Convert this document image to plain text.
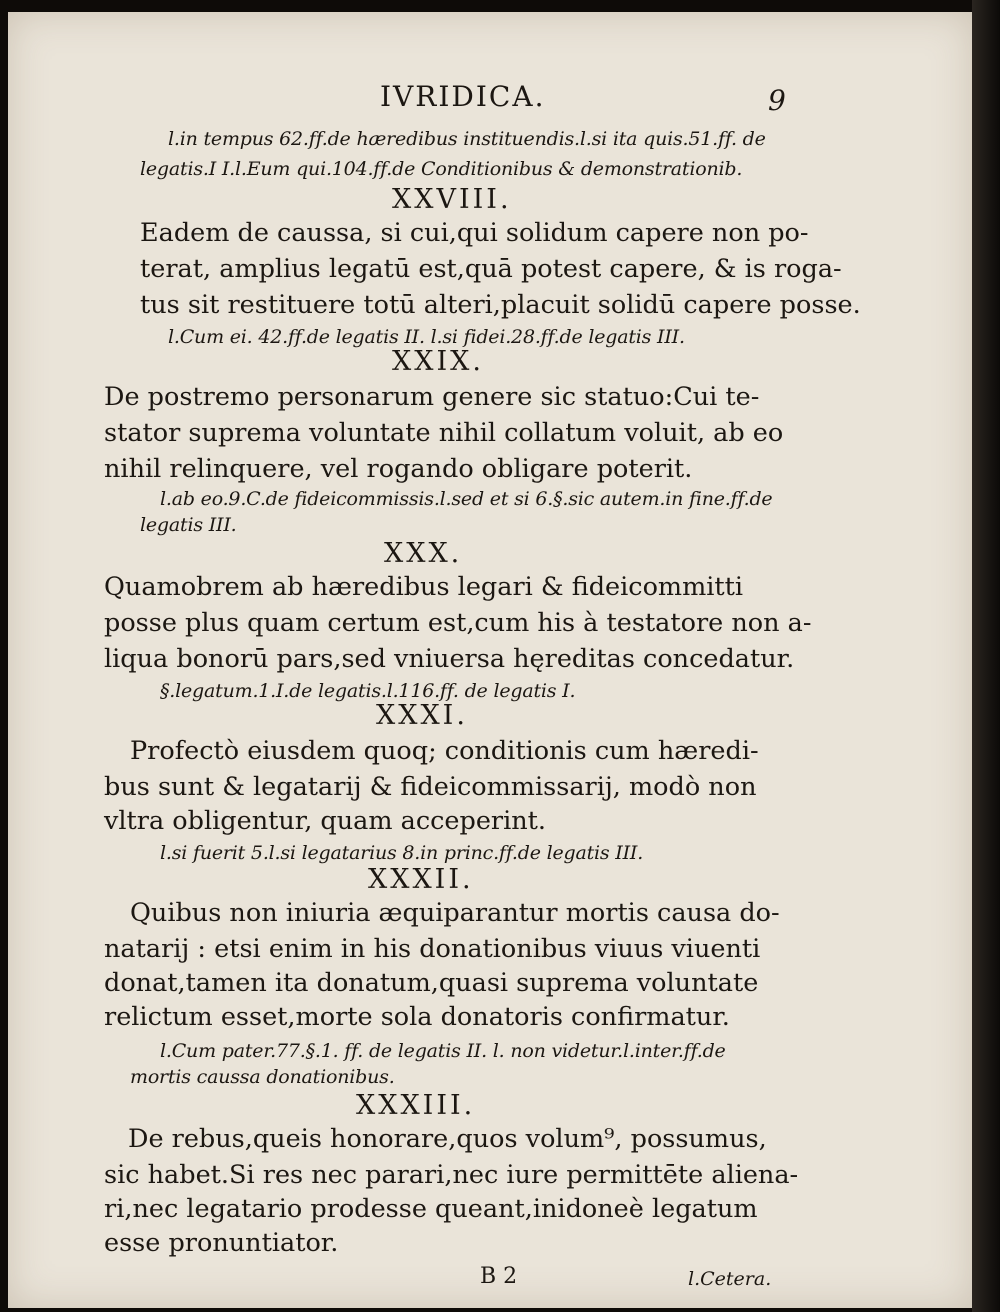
IVRIDICA.	9
l.in tempus 62.ff.de hæredibus instituendis.l.si ita quis.51.ff. de
legatis.I I.l.Eum qui.104.ff.de Conditionibus & demonstrationib.
XXVIII.
Eadem de caussa, si cui,qui solidum capere non po-
terat, amplius legatū est,quā potest capere, & is roga-
tus sit restituere totū alteri,placuit solidū capere posse.
l.Cum ei. 42.ff.de legatis II. l.si fidei.28.ff.de legatis III.
XXIX.
De postremo personarum genere sic statuo:Cui te-
stator suprema voluntate nihil collatum voluit, ab eo
nihil relinquere, vel rogando obligare poterit.
l.ab eo.9.C.de fideicommissis.l.sed et si 6.§.sic autem.in fine.ff.de
legatis III.
XXX.
Quamobrem ab hæredibus legari & fideicommitti
posse plus quam certum est,cum his à testatore non a-
liqua bonorū pars,sed vniuersa hęreditas concedatur.
§.legatum.1.I.de legatis.l.116.ff. de legatis I.
XXXI.
Profectò eiusdem quoq; conditionis cum hæredi-
bus sunt & legatarij & fideicommissarij, modò non
vltra obligentur, quam acceperint.
l.si fuerit 5.l.si legatarius 8.in princ.ff.de legatis III.
XXXII.
Quibus non iniuria æquiparantur mortis causa do-
natarij : etsi enim in his donationibus viuus viuenti
donat,tamen ita donatum,quasi suprema voluntate
relictum esset,morte sola donatoris confirmatur.
l.Cum pater.77.§.1. ff. de legatis II. l. non videtur.l.inter.ff.de
mortis caussa donationibus.
XXXIII.
De rebus,queis honorare,quos volum⁹, possumus,
sic habet.Si res nec parari,nec iure permittēte aliena-
ri,nec legatario prodesse queant,inidoneè legatum
esse pronuntiator.
B 2	l.Cetera.
